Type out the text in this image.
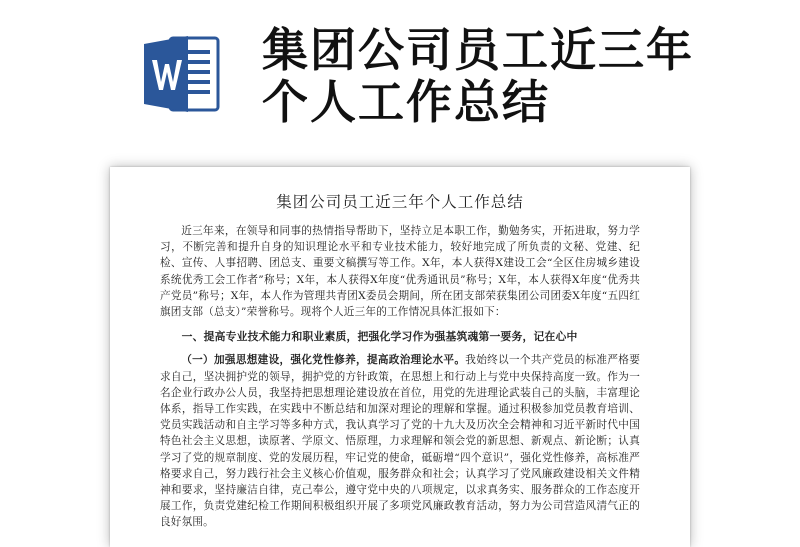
集团公司员工近三年
个人工作总结
集团公司员工近三年个人工作总结

近三年来，在领导和同事的热情指导帮助下，坚持立足本职工作，勤勉务实，开拓进取，努力学习，不断完善和提升自身的知识理论水平和专业技术能力，较好地完成了所负责的文秘、党建、纪检、宣传、人事招聘、团总支、重要文稿撰写等工作。X年，本人获得X建设工会“全区住房城乡建设系统优秀工会工作者”称号；X年，本人获得X年度“优秀通讯员”称号；X年，本人获得X年度“优秀共产党员”称号；X年，本人作为管理共青团X委员会期间，所在团支部荣获集团公司团委X年度“五四红旗团支部（总支）”荣誉称号。现将个人近三年的工作情况具体汇报如下：

一、提高专业技术能力和职业素质，把强化学习作为强基筑魂第一要务，记在心中

（一）加强思想建设，强化党性修养，提高政治理论水平。我始终以一个共产党员的标准严格要求自己，坚决拥护党的领导，拥护党的方针政策，在思想上和行动上与党中央保持高度一致。作为一名企业行政办公人员，我坚持把思想理论建设放在首位，用党的先进理论武装自己的头脑，丰富理论体系，指导工作实践，在实践中不断总结和加深对理论的理解和掌握。通过积极参加党员教育培训、党员实践活动和自主学习等多种方式，我认真学习了党的十九大及历次全会精神和习近平新时代中国特色社会主义思想，读原著、学原文、悟原理，力求理解和领会党的新思想、新观点、新论断；认真学习了党的规章制度、党的发展历程，牢记党的使命，砥砺增“四个意识”，强化党性修养，高标准严格要求自己，努力践行社会主义核心价值观，服务群众和社会；认真学习了党风廉政建设相关文件精神和要求，坚持廉洁自律，克己奉公，遵守党中央的八项规定，以求真务实、服务群众的工作态度开展工作，负责党建纪检工作期间积极组织开展了多项党风廉政教育活动，努力为公司营造风清气正的良好氛围。
